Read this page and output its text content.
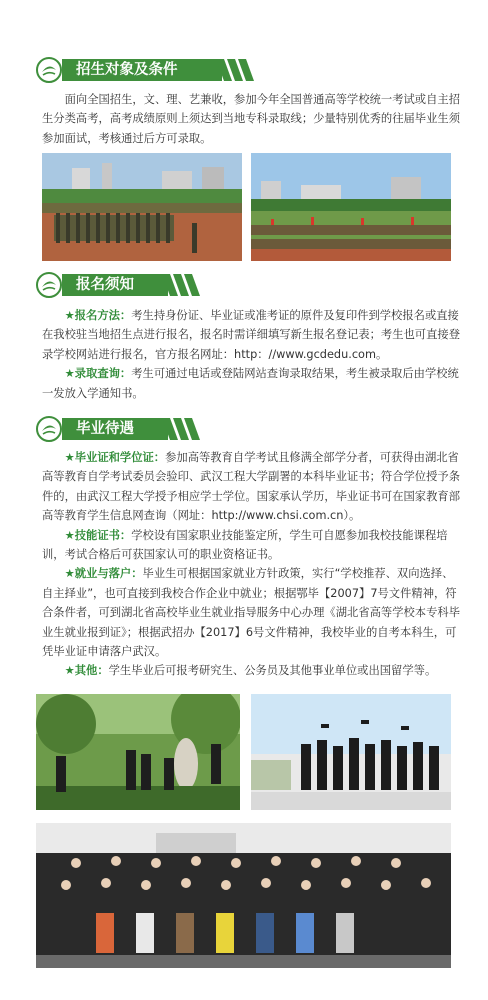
招生对象及条件
面向全国招生，文、理、艺兼收，参加今年全国普通高等学校统一考试或自主招生分类高考，高考成绩原则上须达到当地专科录取线；少量特别优秀的往届毕业生须参加面试，考核通过后方可录取。
报名须知
★报名方法：考生持身份证、毕业证或准考证的原件及复印件到学校报名或直接在我校驻当地招生点进行报名，报名时需详细填写新生报名登记表；考生也可直接登录学校网站进行报名，官方报名网址：http：//www.gcdedu.com。
★录取查询：考生可通过电话或登陆网站查询录取结果，考生被录取后由学校统一发放入学通知书。
毕业待遇
★毕业证和学位证：参加高等教育自学考试且修满全部学分者，可获得由湖北省高等教育自学考试委员会验印、武汉工程大学副署的本科毕业证书；符合学位授予条件的，由武汉工程大学授予相应学士学位。国家承认学历，毕业证书可在国家教育部高等教育学生信息网查询（网址：http://www.chsi.com.cn）。
★技能证书：学校设有国家职业技能鉴定所，学生可自愿参加我校技能课程培训，考试合格后可获国家认可的职业资格证书。
★就业与落户：毕业生可根据国家就业方针政策，实行“学校推荐、双向选择、自主择业”，也可直接到我校合作企业中就业；根据鄂毕【2007】7号文件精神，符合条件者，可到湖北省高校毕业生就业指导服务中心办理《湖北省高等学校本专科毕业生就业报到证》；根据武招办【2017】6号文件精神，我校毕业的自考本科生，可凭毕业证申请落户武汉。
★其他：学生毕业后可报考研究生、公务员及其他事业单位或出国留学等。
